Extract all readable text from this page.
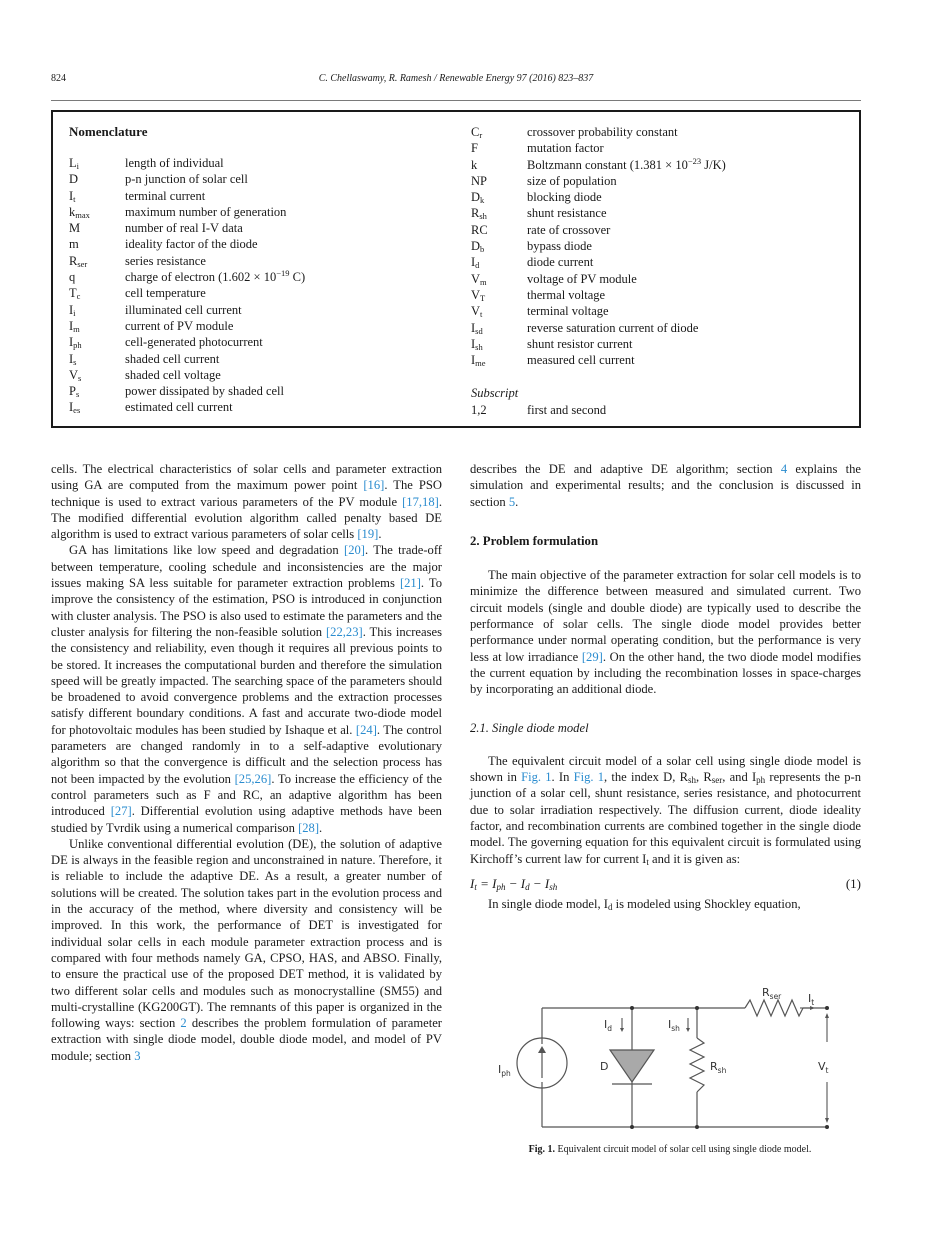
824	C. Chellaswamy, R. Ramesh / Renewable Energy 97 (2016) 823–837
Nomenclature
$L_i$	length of individual
D	p-n junction of solar cell
$I_t$	terminal current
$k_{max}$	maximum number of generation
M	number of real I-V data
m	ideality factor of the diode
$R_{ser}$	series resistance
q	charge of electron ($1.602 \times 10^{-19}$ C)
$T_c$	cell temperature
$I_i$	illuminated cell current
$I_m$	current of PV module
$I_{ph}$	cell-generated photocurrent
$I_s$	shaded cell current
$V_s$	shaded cell voltage
$P_s$	power dissipated by shaded cell
$I_{es}$	estimated cell current
$C_r$	crossover probability constant
F	mutation factor
k	Boltzmann constant ($1.381 \times 10^{-23}$ J/K)
NP	size of population
$D_k$	blocking diode
$R_{sh}$	shunt resistance
RC	rate of crossover
$D_b$	bypass diode
$I_d$	diode current
$V_m$	voltage of PV module
$V_T$	thermal voltage
$V_t$	terminal voltage
$I_{sd}$	reverse saturation current of diode
$I_{sh}$	shunt resistor current
$I_{me}$	measured cell current
Subscript
1,2	first and second

cells. The electrical characteristics of solar cells and parameter extraction using GA are computed from the maximum power point [16]. The PSO technique is used to extract various parameters of the PV module [17,18]. The modified differential evolution algorithm called penalty based DE algorithm is used to extract various parameters of solar cells [19].

GA has limitations like low speed and degradation [20]. The trade-off between temperature, cooling schedule and inconsistencies are the major issues making SA less suitable for parameter extraction problems [21]. To improve the consistency of the estimation, PSO is introduced in conjunction with cluster analysis. The PSO is also used to estimate the parameters and the cluster analysis for filtering the non-feasible solution [22,23]. This increases the consistency and reliability, even though it requires all previous points to be stored. It increases the computational burden and therefore the simulation speed will be greatly impacted. The searching space of the parameters should be broadened to avoid convergence problems and the extraction processes satisfy different boundary conditions. A fast and accurate two-diode model for photovoltaic modules has been studied by Ishaque et al. [24]. The control parameters are changed randomly in to a self-adaptive evolutionary algorithm so that the convergence is difficult and the selection process has not been impacted by the evolution [25,26]. To increase the efficiency of the control parameters such as F and RC, an adaptive algorithm has been introduced [27]. Differential evolution using adaptive methods have been studied by Tvrdik using a numerical comparison [28].

Unlike conventional differential evolution (DE), the solution of adaptive DE is always in the feasible region and unconstrained in nature. Therefore, it is reliable to include the adaptive DE. As a result, a greater number of solutions will be created. The solution takes part in the evolution process and in the accuracy of the method, where diversity and consistency will be improved. In this work, the performance of DET is investigated for individual solar cells in each module parameter extraction process and is compared with four methods namely GA, CPSO, HAS, and ABSO. Finally, to ensure the practical use of the proposed DET method, it is validated by two different solar cells and modules such as monocrystalline (SM55) and multi-crystalline (KG200GT). The remnants of this paper is organized in the following ways: section 2 describes the problem formulation of parameter extraction with single diode model, double diode model, and model of PV module; section 3

describes the DE and adaptive DE algorithm; section 4 explains the simulation and experimental results; and the conclusion is discussed in section 5.

2. Problem formulation

The main objective of the parameter extraction for solar cell models is to minimize the difference between measured and simulated current. Two circuit models (single and double diode) are typically used to describe the performance of solar cells. The single diode model provides better performance under normal operating condition, but the performance is very less at low irradiance [29]. On the other hand, the two diode model modifies the current equation by including the recombination losses in space-charges by incorporating an additional diode.

2.1. Single diode model

The equivalent circuit model of a solar cell using single diode model is shown in Fig. 1. In Fig. 1, the index D, $R_{sh}$, $R_{ser}$, and $I_{ph}$ represents the p-n junction of a solar cell, shunt resistance, series resistance, and photocurrent due to solar irradiation respectively. The diffusion current, diode ideality factor, and recombination currents are combined together in the single diode model. The governing equation for this equivalent circuit is formulated using Kirchoff’s current law for current $I_t$ and it is given as:

$I_t = I_{ph} - I_d - I_{sh}$	(1)

In single diode model, $I_d$ is modeled using Shockley equation,

$I_{ph}$
$I_d$	$I_{sh}$
D	$R_{sh}$
$R_{ser}$ $I_t$
$V_t$
Fig. 1. Equivalent circuit model of solar cell using single diode model.
